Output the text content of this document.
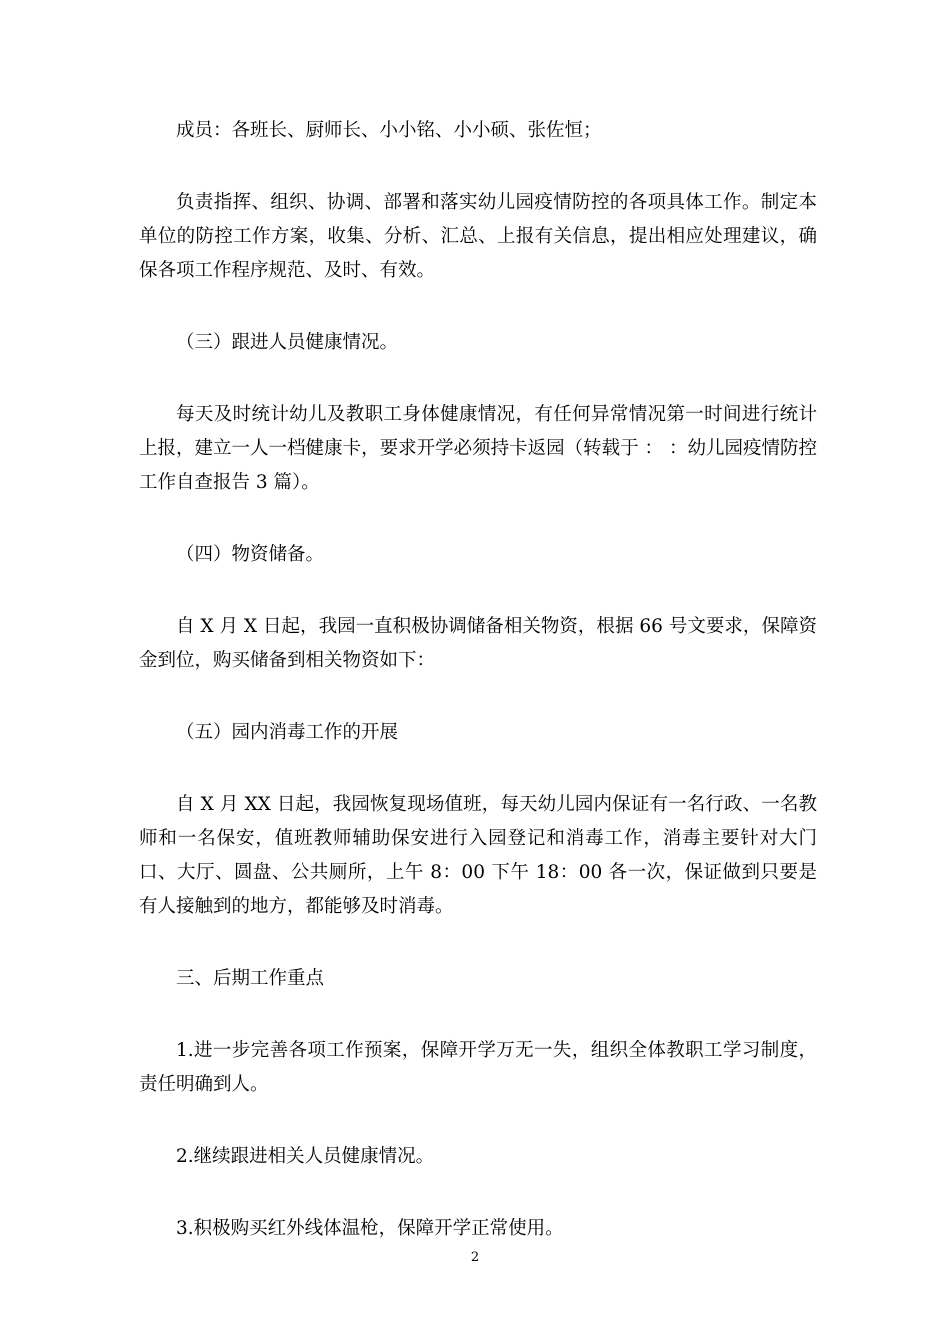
成员：各班长、厨师长、小小铭、小小硕、张佐恒；

负责指挥、组织、协调、部署和落实幼儿园疫情防控的各项具体工作。制定本单位的防控工作方案，收集、分析、汇总、上报有关信息，提出相应处理建议，确保各项工作程序规范、及时、有效。

（三）跟进人员健康情况。

每天及时统计幼儿及教职工身体健康情况，有任何异常情况第一时间进行统计上报，建立一人一档健康卡，要求开学必须持卡返园（转载于 ： ：幼儿园疫情防控工作自查报告 3 篇）。

（四）物资储备。

自 X 月 X 日起，我园一直积极协调储备相关物资，根据 66 号文要求，保障资金到位，购买储备到相关物资如下：

（五）园内消毒工作的开展

自 X 月 XX 日起，我园恢复现场值班，每天幼儿园内保证有一名行政、一名教师和一名保安，值班教师辅助保安进行入园登记和消毒工作，消毒主要针对大门口、大厅、圆盘、公共厕所，上午 8：00 下午 18：00 各一次，保证做到只要是有人接触到的地方，都能够及时消毒。

三、后期工作重点

1.进一步完善各项工作预案，保障开学万无一失，组织全体教职工学习制度，责任明确到人。

2.继续跟进相关人员健康情况。

3.积极购买红外线体温枪，保障开学正常使用。

2
